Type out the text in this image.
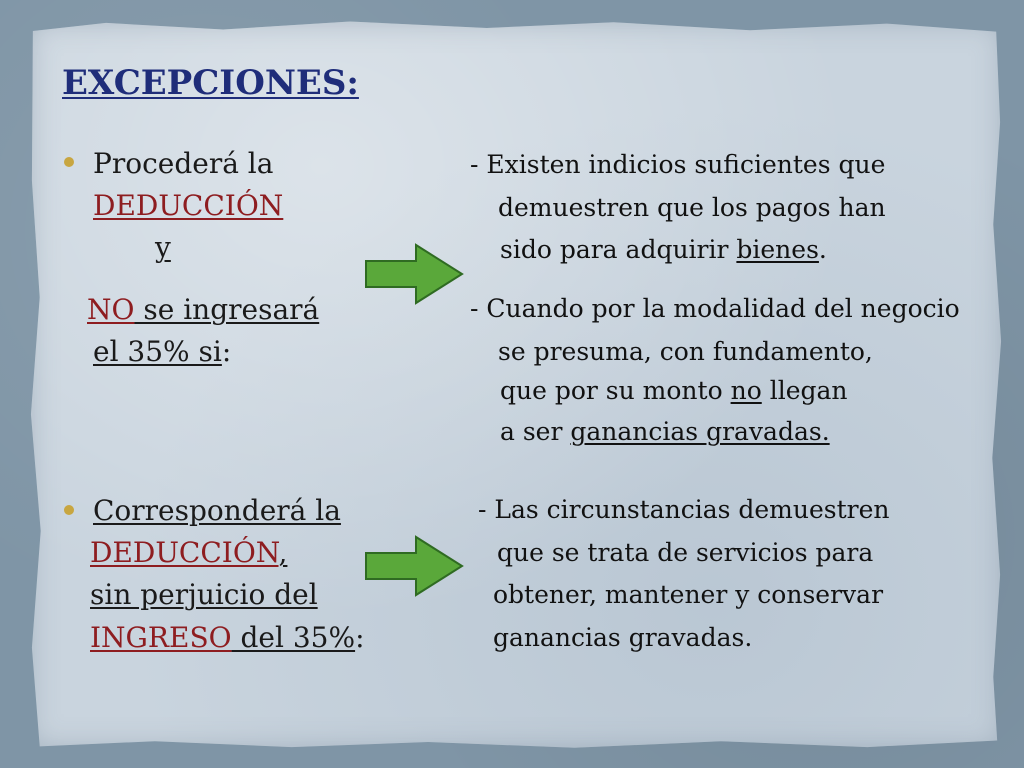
EXCEPCIONES:
Procederá la
DEDUCCIÓN
y
NO se ingresará
el 35% si:
- Existen indicios suficientes que
demuestren que los pagos han
sido para adquirir bienes.
- Cuando por la modalidad del negocio
se presuma, con fundamento,
que por su monto no llegan
a ser ganancias gravadas.
Corresponderá la
DEDUCCIÓN,
sin perjuicio del
INGRESO del 35%:
- Las circunstancias demuestren
que se trata de servicios para
obtener, mantener y conservar
ganancias gravadas.
